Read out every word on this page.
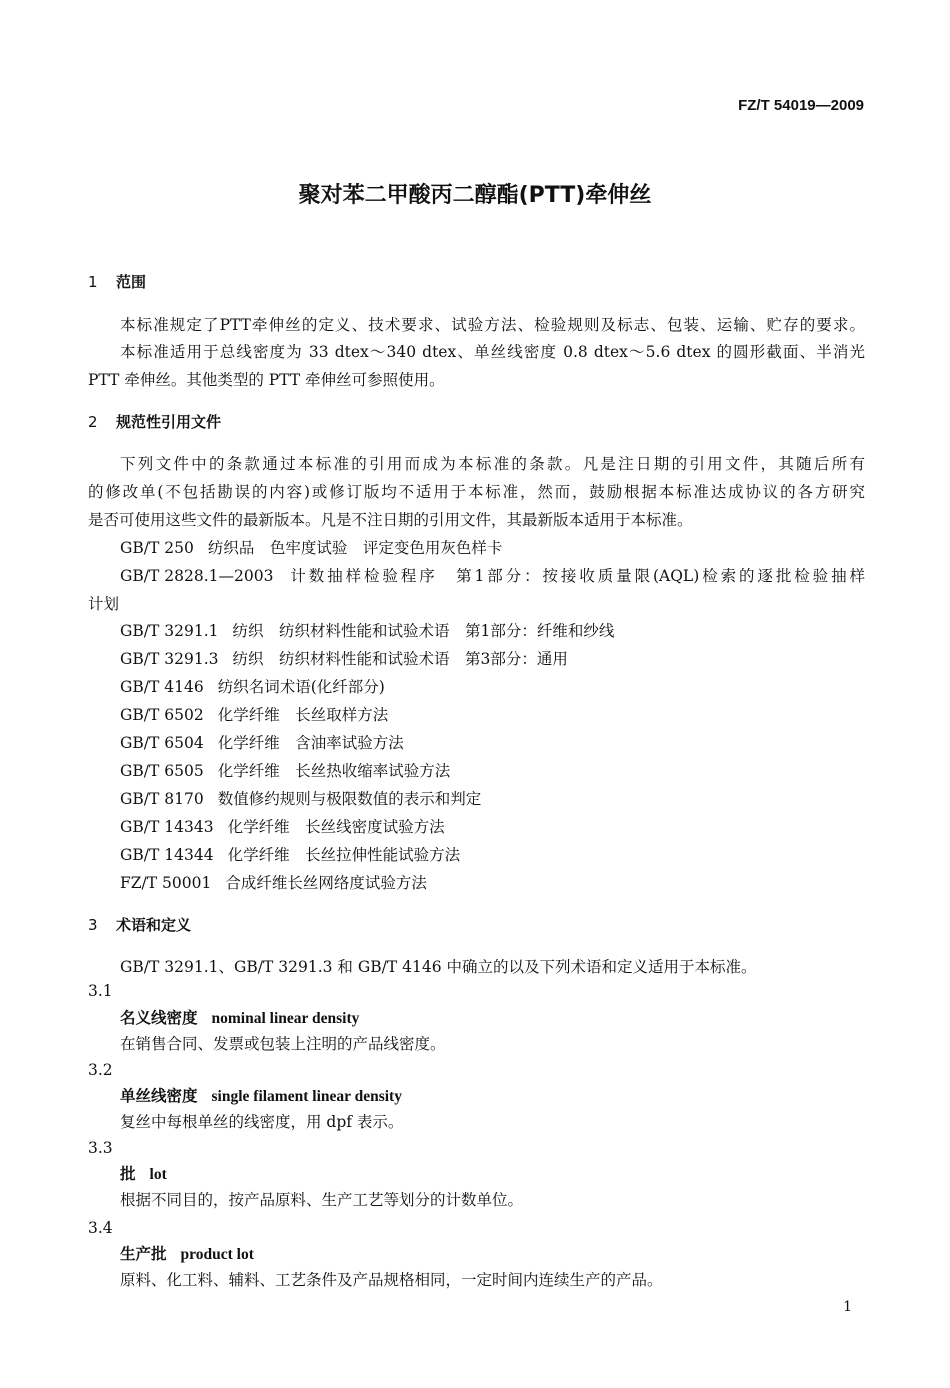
FZ/T 54019—2009
聚对苯二甲酸丙二醇酯(PTT)牵伸丝
1 范围
本标准规定了PTT牵伸丝的定义、技术要求、试验方法、检验规则及标志、包装、运输、贮存的要求。
本标准适用于总线密度为 33 dtex～340 dtex、单丝线密度 0.8 dtex～5.6 dtex 的圆形截面、半消光
PTT 牵伸丝。其他类型的 PTT 牵伸丝可参照使用。
2 规范性引用文件
下列文件中的条款通过本标准的引用而成为本标准的条款。凡是注日期的引用文件，其随后所有
的修改单(不包括勘误的内容)或修订版均不适用于本标准，然而，鼓励根据本标准达成协议的各方研究
是否可使用这些文件的最新版本。凡是不注日期的引用文件，其最新版本适用于本标准。
GB/T 250 纺织品　色牢度试验　评定变色用灰色样卡
GB/T 2828.1—2003 计数抽样检验程序　第1部分：按接收质量限(AQL)检索的逐批检验抽样
计划
GB/T 3291.1 纺织　纺织材料性能和试验术语　第1部分：纤维和纱线
GB/T 3291.3 纺织　纺织材料性能和试验术语　第3部分：通用
GB/T 4146 纺织名词术语(化纤部分)
GB/T 6502 化学纤维　长丝取样方法
GB/T 6504 化学纤维　含油率试验方法
GB/T 6505 化学纤维　长丝热收缩率试验方法
GB/T 8170 数值修约规则与极限数值的表示和判定
GB/T 14343 化学纤维　长丝线密度试验方法
GB/T 14344 化学纤维　长丝拉伸性能试验方法
FZ/T 50001 合成纤维长丝网络度试验方法
3 术语和定义
GB/T 3291.1、GB/T 3291.3 和 GB/T 4146 中确立的以及下列术语和定义适用于本标准。
3.1
名义线密度 nominal linear density
在销售合同、发票或包装上注明的产品线密度。
3.2
单丝线密度 single filament linear density
复丝中每根单丝的线密度，用 dpf 表示。
3.3
批 lot
根据不同目的，按产品原料、生产工艺等划分的计数单位。
3.4
生产批 product lot
原料、化工料、辅料、工艺条件及产品规格相同，一定时间内连续生产的产品。
1
